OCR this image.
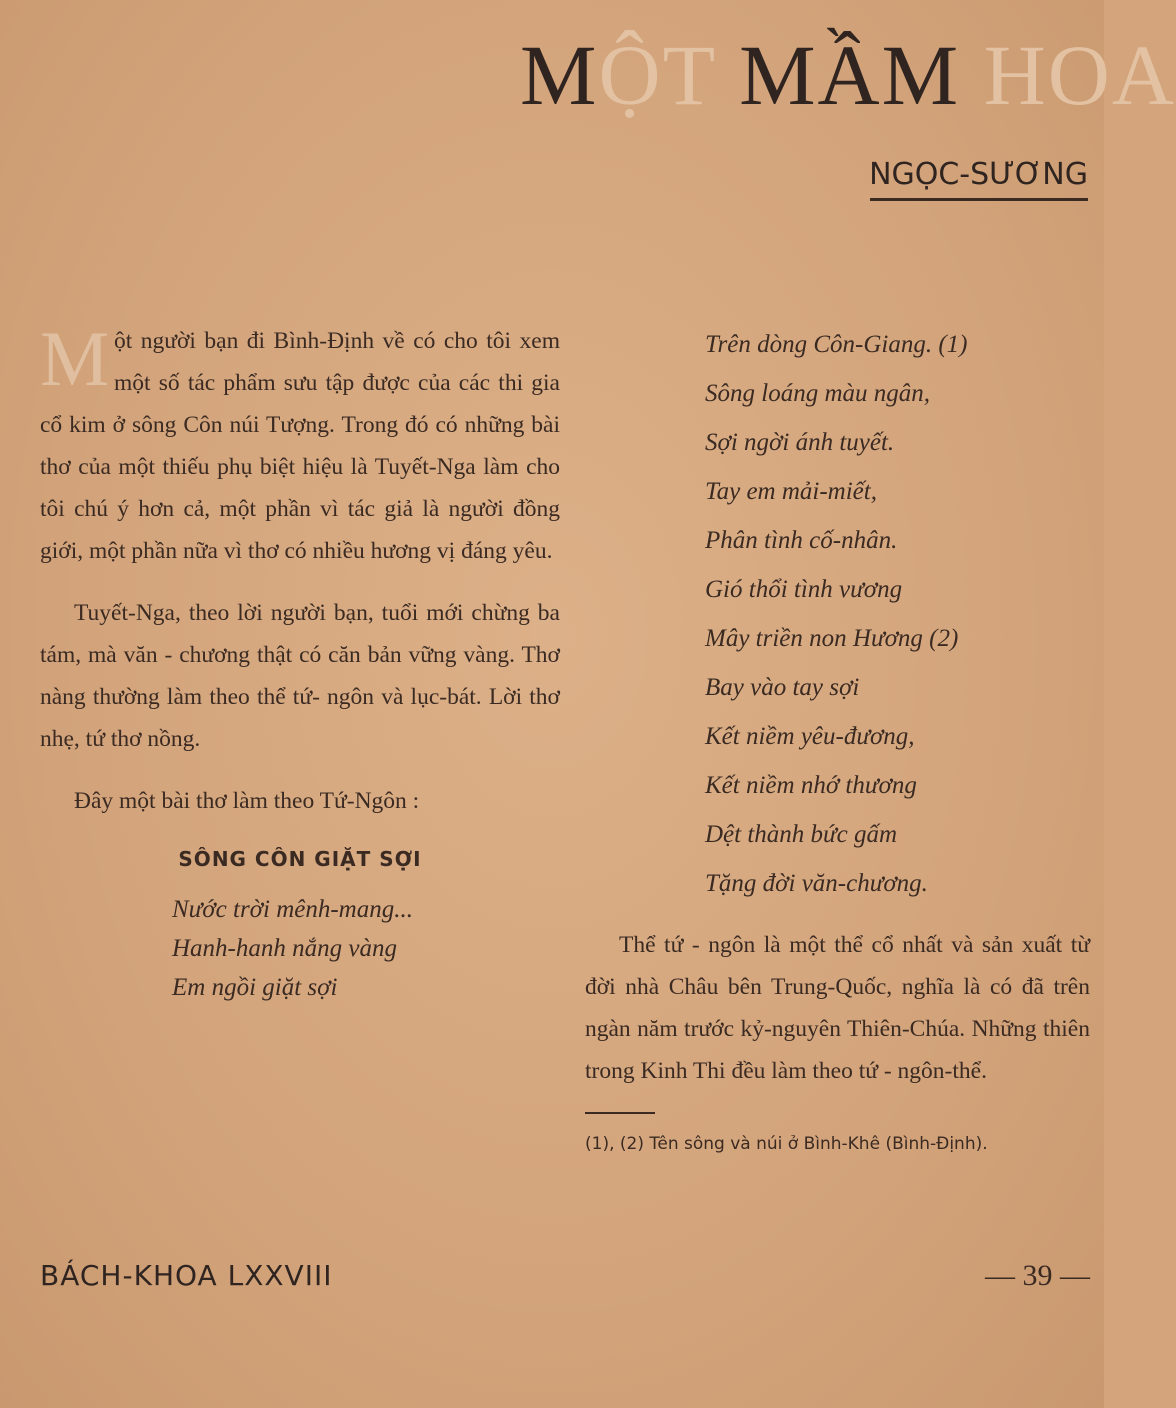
MỘT MẦM HOA
NGỌC-SƯƠNG

M ột người bạn đi Bình-Định về có cho tôi xem một số tác phẩm sưu tập được của các thi gia cổ kim ở sông Côn núi Tượng. Trong đó có những bài thơ của một thiếu phụ biệt hiệu là Tuyết-Nga làm cho tôi chú ý hơn cả, một phần vì tác giả là người đồng giới, một phần nữa vì thơ có nhiều hương vị đáng yêu.

Tuyết-Nga, theo lời người bạn, tuổi mới chừng ba tám, mà văn - chương thật có căn bản vững vàng. Thơ nàng thường làm theo thể tứ- ngôn và lục-bát. Lời thơ nhẹ, tứ thơ nồng.

Đây một bài thơ làm theo Tứ-Ngôn :

SÔNG CÔN GIẶT SỢI
Nước trời mênh-mang...
Hanh-hanh nắng vàng
Em ngồi giặt sợi
Trên dòng Côn-Giang. (1)
Sông loáng màu ngân,
Sợi ngời ánh tuyết.
Tay em mải-miết,
Phân tình cố-nhân.
Gió thổi tình vương
Mây triền non Hương (2)
Bay vào tay sợi
Kết niềm yêu-đương,
Kết niềm nhớ thương
Dệt thành bức gấm
Tặng đời văn-chương.

Thể tứ - ngôn là một thể cổ nhất và sản xuất từ đời nhà Châu bên Trung-Quốc, nghĩa là có đã trên ngàn năm trước kỷ-nguyên Thiên-Chúa. Những thiên trong Kinh Thi đều làm theo tứ - ngôn-thể.

(1), (2) Tên sông và núi ở Bình-Khê (Bình-Định).
BÁCH-KHOA LXXVIII	— 39 —
